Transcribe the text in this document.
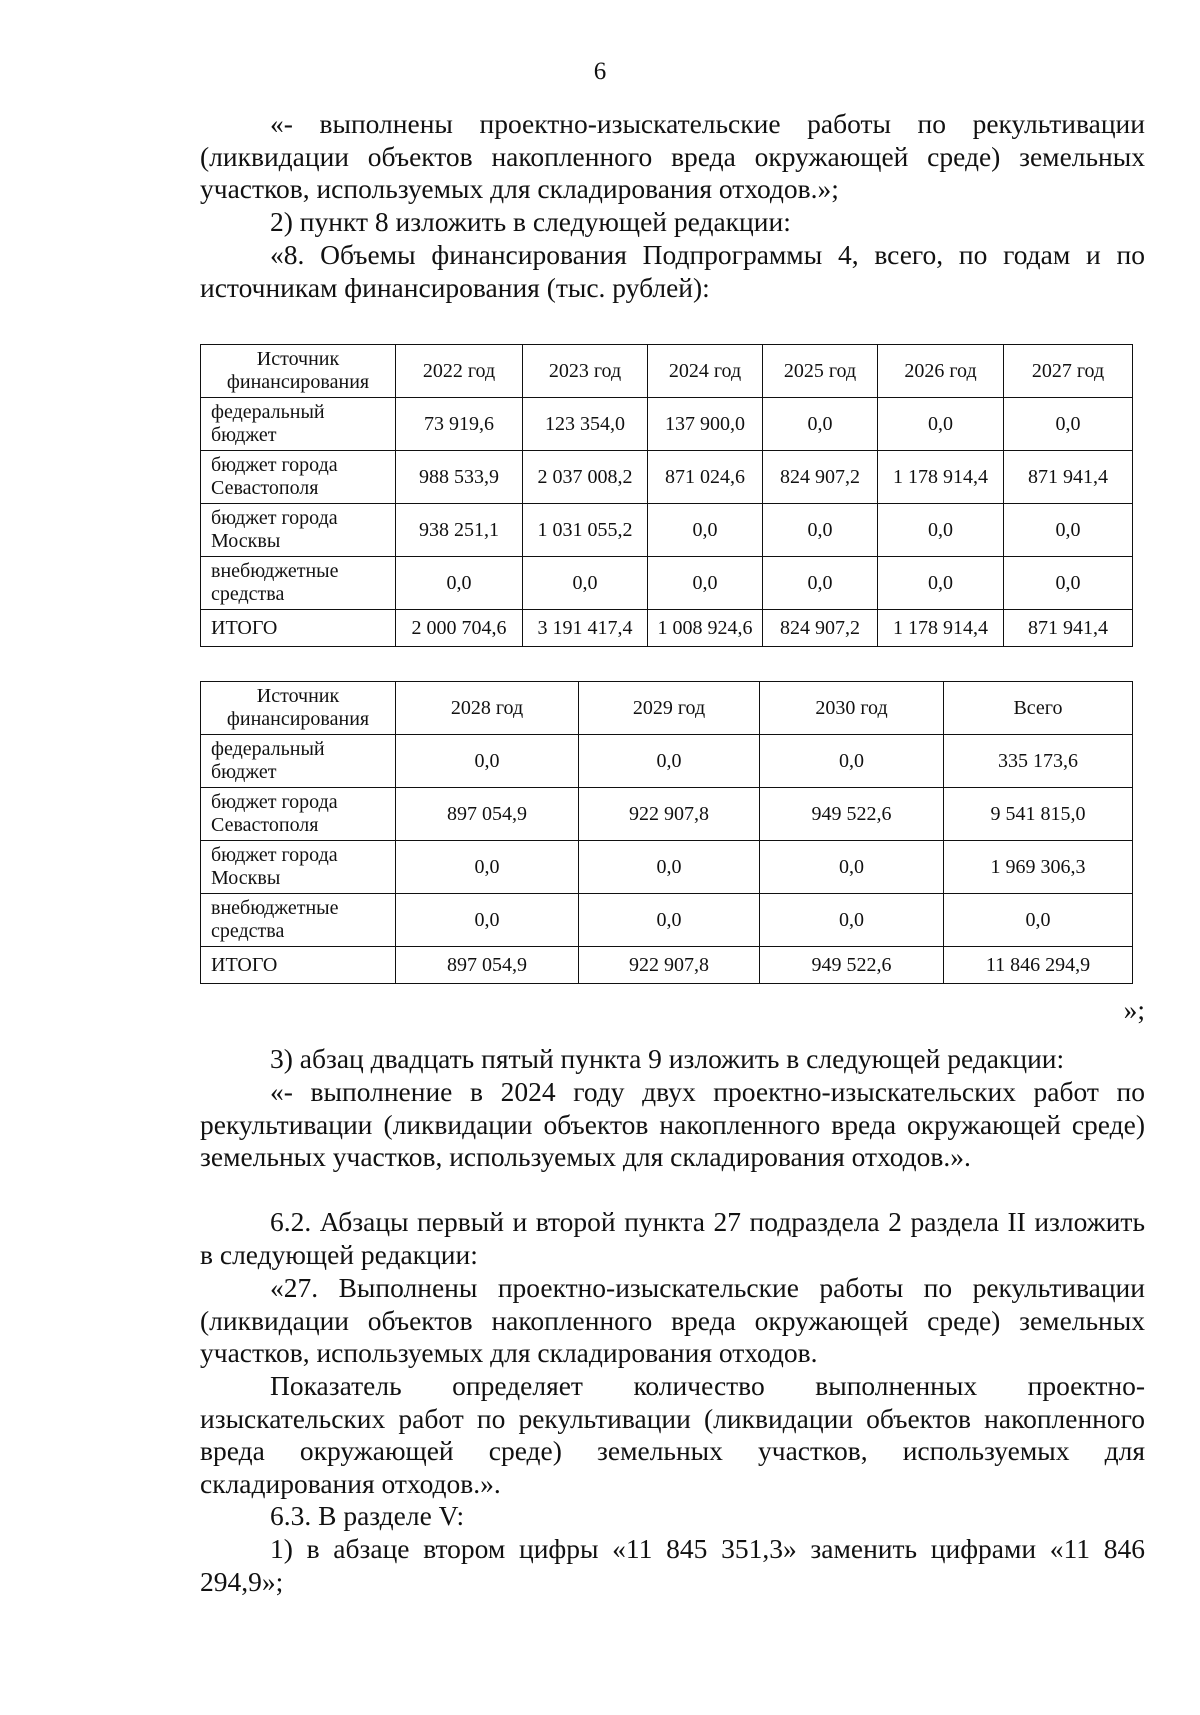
6

«- выполнены проектно-изыскательские работы по рекультивации (ликвидации объектов накопленного вреда окружающей среде) земельных участков, используемых для складирования отходов.»;

2) пункт 8 изложить в следующей редакции:

«8. Объемы финансирования Подпрограммы 4, всего, по годам и по источникам финансирования (тыс. рублей):

Источник финансирования	2022 год	2023 год	2024 год	2025 год	2026 год	2027 год
федеральный бюджет	73 919,6	123 354,0	137 900,0	0,0	0,0	0,0
бюджет города Севастополя	988 533,9	2 037 008,2	871 024,6	824 907,2	1 178 914,4	871 941,4
бюджет города Москвы	938 251,1	1 031 055,2	0,0	0,0	0,0	0,0
внебюджетные средства	0,0	0,0	0,0	0,0	0,0	0,0
ИТОГО	2 000 704,6	3 191 417,4	1 008 924,6	824 907,2	1 178 914,4	871 941,4
Источник финансирования	2028 год	2029 год	2030 год	Всего
федеральный бюджет	0,0	0,0	0,0	335 173,6
бюджет города Севастополя	897 054,9	922 907,8	949 522,6	9 541 815,0
бюджет города Москвы	0,0	0,0	0,0	1 969 306,3
внебюджетные средства	0,0	0,0	0,0	0,0
ИТОГО	897 054,9	922 907,8	949 522,6	11 846 294,9

»;

3) абзац двадцать пятый пункта 9 изложить в следующей редакции:

«- выполнение в 2024 году двух проектно-изыскательских работ по рекультивации (ликвидации объектов накопленного вреда окружающей среде) земельных участков, используемых для складирования отходов.».

6.2. Абзацы первый и второй пункта 27 подраздела 2 раздела II изложить в следующей редакции:

«27. Выполнены проектно-изыскательские работы по рекультивации (ликвидации объектов накопленного вреда окружающей среде) земельных участков, используемых для складирования отходов.

Показатель определяет количество выполненных проектно-изыскательских работ по рекультивации (ликвидации объектов накопленного вреда окружающей среде) земельных участков, используемых для складирования отходов.».

6.3. В разделе V:

1) в абзаце втором цифры «11 845 351,3» заменить цифрами «11 846 294,9»;
